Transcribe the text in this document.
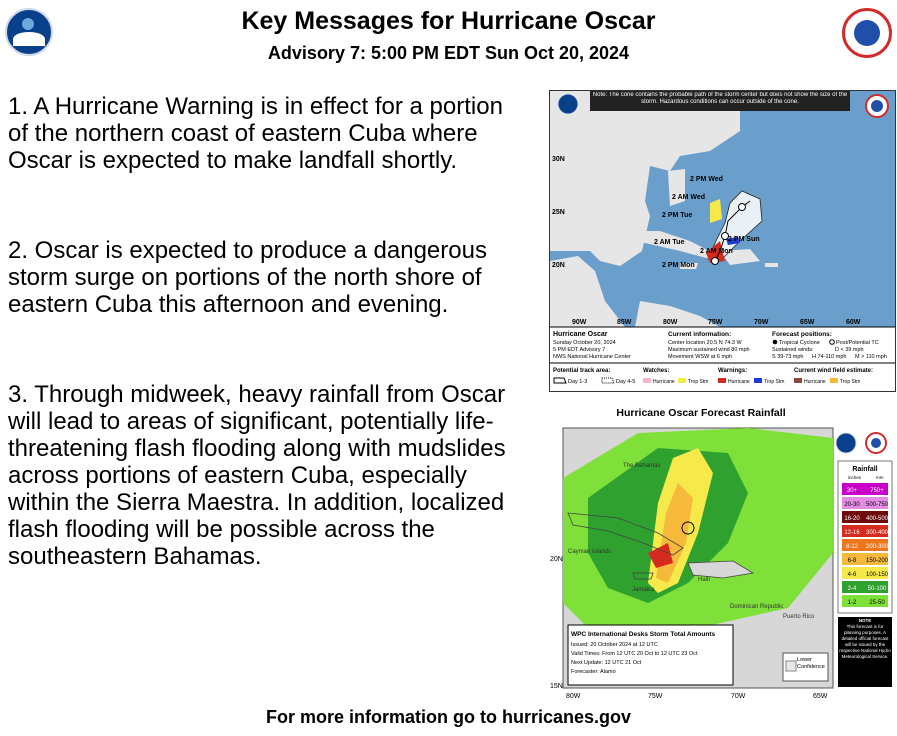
Key Messages for Hurricane Oscar
Advisory 7: 5:00 PM EDT Sun Oct 20, 2024
1. A Hurricane Warning is in effect for a portion of the northern coast of eastern Cuba where Oscar is expected to make landfall shortly.
2. Oscar is expected to produce a dangerous storm surge on portions of the north shore of eastern Cuba this afternoon and evening.
3. Through midweek, heavy rainfall from Oscar will lead to areas of significant, potentially life-threatening flash flooding along with mudslides across portions of eastern Cuba, especially within the Sierra Maestra. In addition, localized flash flooding will be possible across the southeastern Bahamas.
2 PM Wed
2 AM Wed
2 PM Tue
2 AM Tue	2 PM Sun
2 AM Mon
2 PM Mon
Note: The cone contains the probable path of the storm center but does not show the size of the storm. Hazardous conditions can occur outside of the cone.
30N
25N
20N
90W	85W	80W	75W	70W	65W	60W
Hurricane Oscar
Sunday October 20, 2024
5 PM EDT Advisory 7
NWS National Hurricane Center
Current information:
Center location 20.5 N 74.3 W
Maximum sustained wind 80 mph
Movement WSW at 6 mph
Forecast positions:
Tropical Cyclone	Post/Potential TC
Sustained winds:	D < 39 mph
S 39-73 mph H 74-110 mph M > 110 mph
Potential track area:
Day 1-3	Day 4-5
Watches:
Hurricane	Trop Stm
Warnings:
Hurricane	Trop Stm
Current wind field estimate:
Hurricane	Trop Stm
Hurricane Oscar Forecast Rainfall
The Bahamas
Cayman Islands
Jamaica
Haiti
Dominican Republic
Puerto Rico
WPC International Desks Storm Total Amounts
Issued: 20 October 2024 at 12 UTC
Valid Times: From 12 UTC 20 Oct to 12 UTC 23 Oct
Next Update: 12 UTC 21 Oct
Forecaster: Alamo
Lower Confidence
20N
15N
80W	75W	70W	65W
Rainfall
inches	mm
30+ 750+
20-30 500-750
16-20 400-500
12-16 300-400
8-12 200-300
6-8 150-200
4-6 100-150
2-4 50-100
1-2 25-50
NOTE
This forecast is for planning purposes. A detailed official forecast will be issued by the respective National Hydro Meteorological Service.
For more information go to hurricanes.gov
